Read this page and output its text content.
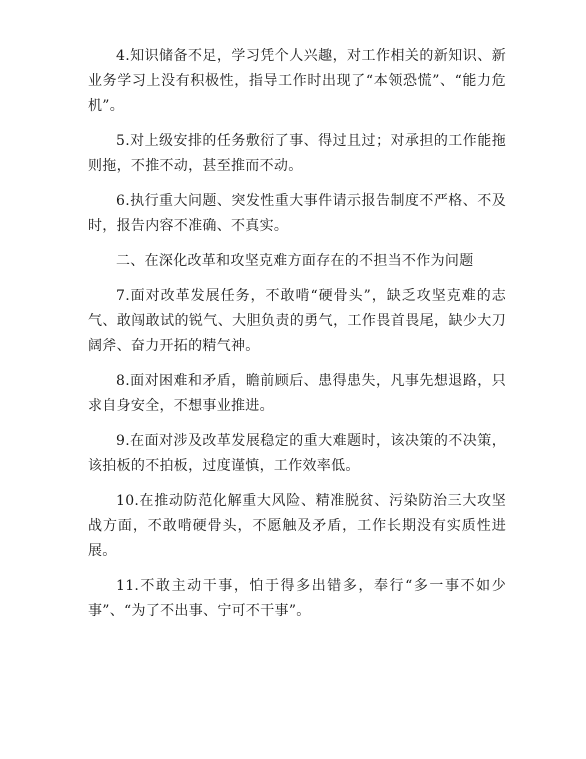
4.知识储备不足，学习凭个人兴趣，对工作相关的新知识、新业务学习上没有积极性，指导工作时出现了“本领恐慌”、“能力危机”。

5.对上级安排的任务敷衍了事、得过且过；对承担的工作能拖则拖，不推不动，甚至推而不动。

6.执行重大问题、突发性重大事件请示报告制度不严格、不及时，报告内容不准确、不真实。

二、在深化改革和攻坚克难方面存在的不担当不作为问题

7.面对改革发展任务，不敢啃“硬骨头”，缺乏攻坚克难的志气、敢闯敢试的锐气、大胆负责的勇气，工作畏首畏尾，缺少大刀阔斧、奋力开拓的精气神。

8.面对困难和矛盾，瞻前顾后、患得患失，凡事先想退路，只求自身安全，不想事业推进。

9.在面对涉及改革发展稳定的重大难题时，该决策的不决策，该拍板的不拍板，过度谨慎，工作效率低。

10.在推动防范化解重大风险、精准脱贫、污染防治三大攻坚战方面，不敢啃硬骨头，不愿触及矛盾，工作长期没有实质性进展。

11.不敢主动干事，怕于得多出错多，奉行“多一事不如少事”、“为了不出事、宁可不干事”。
